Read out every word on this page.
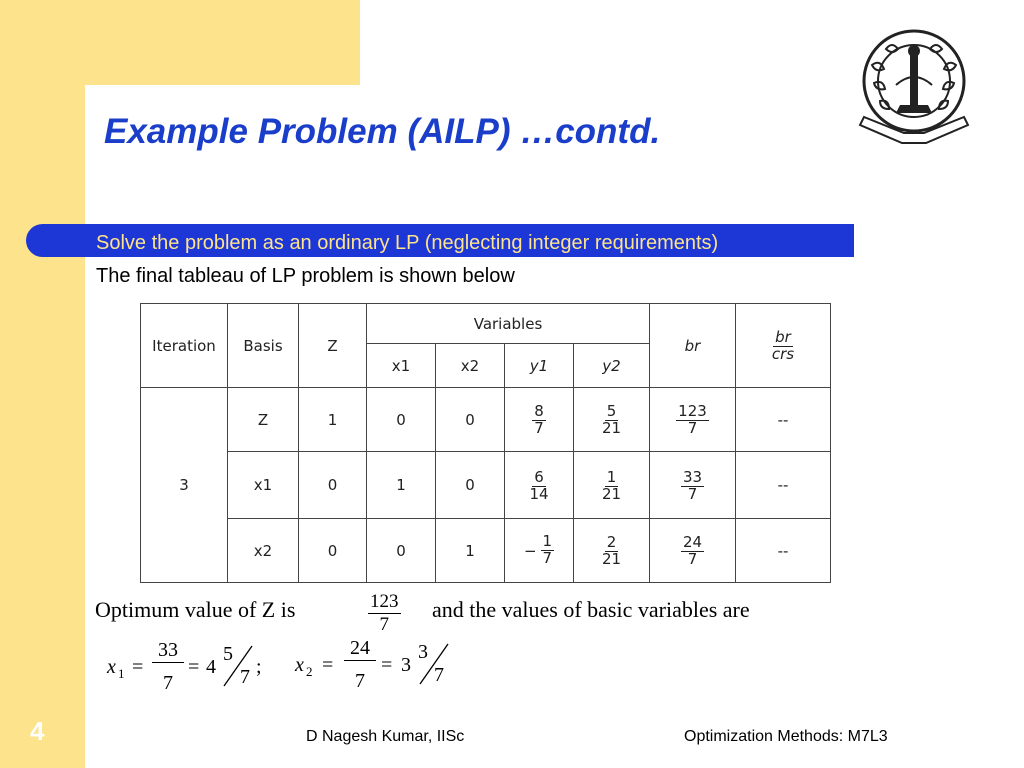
Example Problem (AILP) …contd.
Solve the problem as an ordinary LP (neglecting integer requirements)
The final tableau of LP problem is shown below
Iteration	Basis	Z	Variables				br	$\frac{br}{\text{crs}}$

			x1	x2	y1	y2		
3	Z	1	0	0	$\frac{8}{7}$	$\frac{5}{21}$	$\frac{123}{7}$	--
	x1	0	1	0	$\frac{6}{14}$	$\frac{1}{21}$	$\frac{33}{7}$	--
	x2	0	0	1	− $\frac{1}{7}$	$\frac{2}{21}$	$\frac{24}{7}$	--
Optimum value of Z is	$\frac{123}{7}$ and the values of basic variables are
x 1 =
33
7
= 4
5
7 ; x 2 =
24
7
= 3
3
7
4	D Nagesh Kumar, IISc	Optimization Methods: M7L3
